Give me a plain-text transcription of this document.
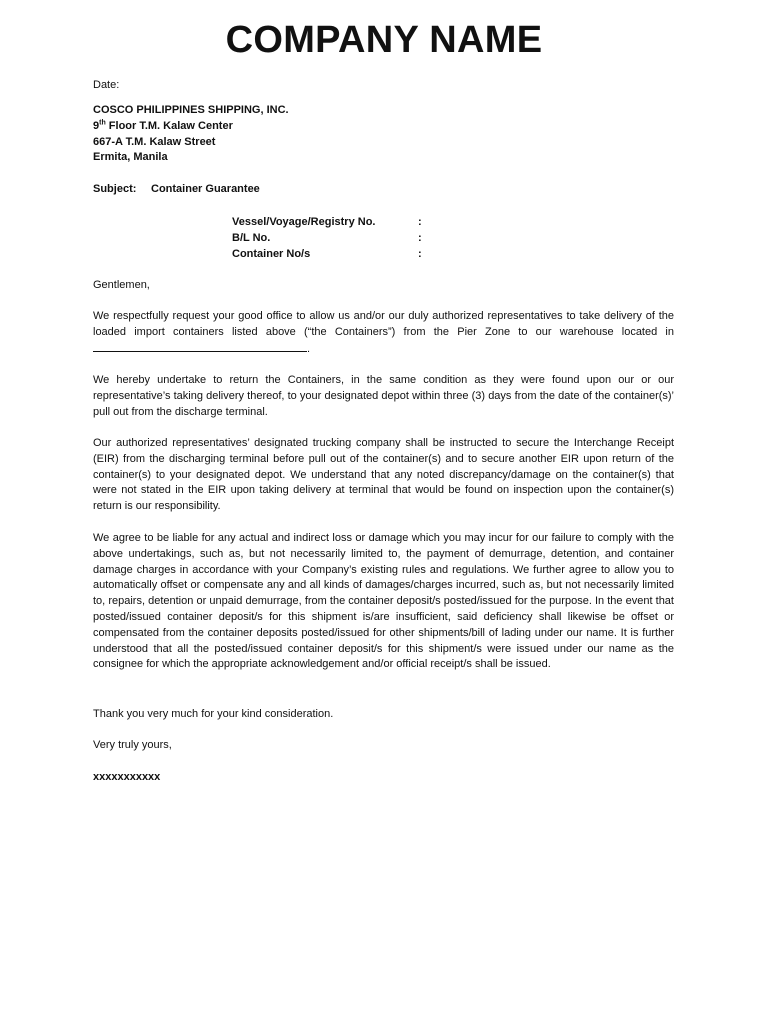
COMPANY NAME
Date:
COSCO PHILIPPINES SHIPPING, INC.
9th Floor T.M. Kalaw Center
667-A T.M. Kalaw Street
Ermita, Manila
Subject: Container Guarantee
Vessel/Voyage/Registry No.	:
B/L No.	:
Container No/s	:
Gentlemen,

We respectfully request your good office to allow us and/or our duly authorized representatives to take delivery of the loaded import containers listed above (“the Containers”) from the Pier Zone to our warehouse located in .

We hereby undertake to return the Containers, in the same condition as they were found upon our or our representative’s taking delivery thereof, to your designated depot within three (3) days from the date of the container(s)’ pull out from the discharge terminal.

Our authorized representatives’ designated trucking company shall be instructed to secure the Interchange Receipt (EIR) from the discharging terminal before pull out of the container(s) and to secure another EIR upon return of the container(s) to your designated depot. We understand that any noted discrepancy/damage on the container(s) that were not stated in the EIR upon taking delivery at terminal that would be found on inspection upon the container(s) return is our responsibility.

We agree to be liable for any actual and indirect loss or damage which you may incur for our failure to comply with the above undertakings, such as, but not necessarily limited to, the payment of demurrage, detention, and container damage charges in accordance with your Company’s existing rules and regulations. We further agree to allow you to automatically offset or compensate any and all kinds of damages/charges incurred, such as, but not necessarily limited to, repairs, detention or unpaid demurrage, from the container deposit/s posted/issued for the purpose. In the event that posted/issued container deposit/s for this shipment is/are insufficient, said deficiency shall likewise be offset or compensated from the container deposits posted/issued for other shipments/bill of lading under our name. It is further understood that all the posted/issued container deposit/s for this shipment/s were issued under our name as the consignee for which the appropriate acknowledgement and/or official receipt/s shall be issued.

Thank you very much for your kind consideration.
Very truly yours,
xxxxxxxxxxx
